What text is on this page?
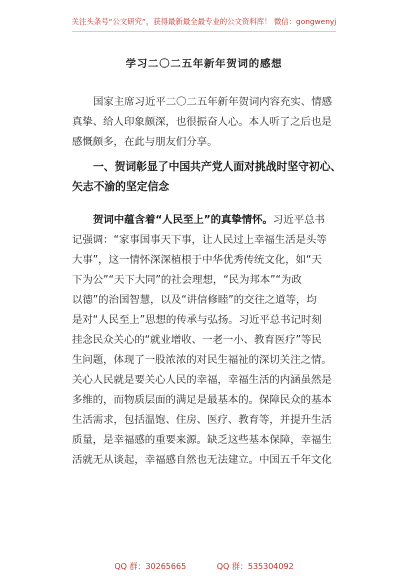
关注头条号“公文研究”，获得最新最全最专业的公文资料库！ 微信：gongwenyj
学习二〇二五年新年贺词的感想
国家主席习近平二〇二五年新年贺词内容充实、情感
真挚、给人印象颇深，也很振奋人心。本人听了之后也是
感慨颇多，在此与朋友们分享。
一、贺词彰显了中国共产党人面对挑战时坚守初心、
矢志不渝的坚定信念
贺词中蕴含着“人民至上”的真挚情怀。习近平总书
记强调：“家事国事天下事，让人民过上幸福生活是头等
大事”，这一情怀深深植根于中华优秀传统文化，如“天
下为公”“天下大同”的社会理想，“民为邦本”“为政
以德”的治国智慧，以及“讲信修睦”的交往之道等，均
是对“人民至上”思想的传承与弘扬。习近平总书记时刻
挂念民众关心的“就业增收、一老一小、教育医疗”等民
生问题，体现了一股浓浓的对民生福祉的深切关注之情。
关心人民就是要关心人民的幸福，幸福生活的内涵虽然是
多维的，而物质层面的满足是最基本的。保障民众的基本
生活需求，包括温饱、住房、医疗、教育等，并提升生活
质量，是幸福感的重要来源。缺乏这些基本保障，幸福生
活就无从谈起，幸福感自然也无法建立。中国五千年文化
QQ 群：30265665	QQ 群：535304092
